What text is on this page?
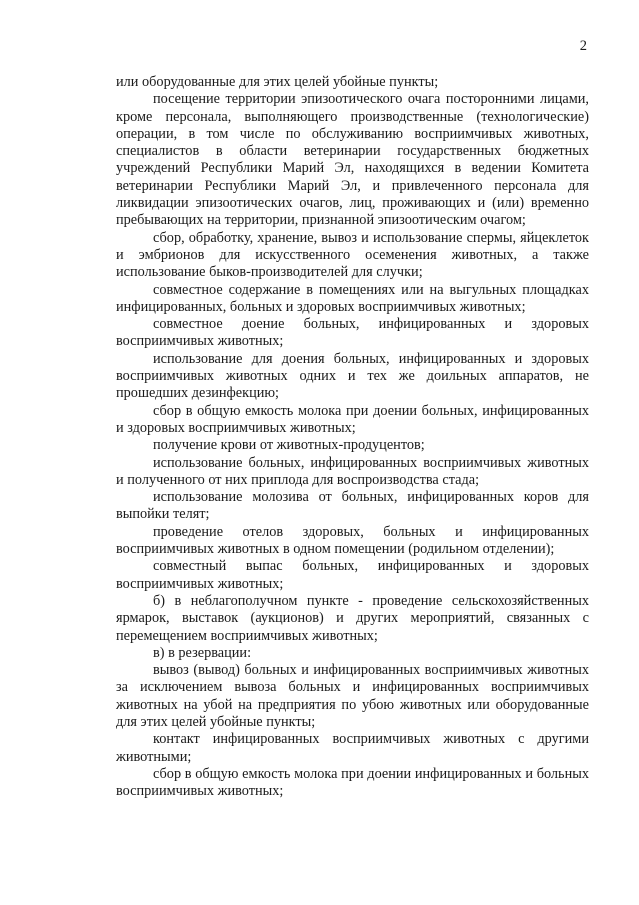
2

или оборудованные для этих целей убойные пункты;

посещение территории эпизоотического очага посторонними лицами, кроме персонала, выполняющего производственные (технологические) операции, в том числе по обслуживанию восприимчивых животных, специалистов в области ветеринарии государственных бюджетных учреждений Республики Марий Эл, находящихся в ведении Комитета ветеринарии Республики Марий Эл, и привлеченного персонала для ликвидации эпизоотических очагов, лиц, проживающих и (или) временно пребывающих на территории, признанной эпизоотическим очагом;

сбор, обработку, хранение, вывоз и использование спермы, яйцеклеток и эмбрионов для искусственного осеменения животных, а также использование быков-производителей для случки;

совместное содержание в помещениях или на выгульных площадках инфицированных, больных и здоровых восприимчивых животных;

совместное доение больных, инфицированных и здоровых восприимчивых животных;

использование для доения больных, инфицированных и здоровых восприимчивых животных одних и тех же доильных аппаратов, не прошедших дезинфекцию;

сбор в общую емкость молока при доении больных, инфицированных и здоровых восприимчивых животных;

получение крови от животных-продуцентов;

использование больных, инфицированных восприимчивых животных и полученного от них приплода для воспроизводства стада;

использование молозива от больных, инфицированных коров для выпойки телят;

проведение отелов здоровых, больных и инфицированных восприимчивых животных в одном помещении (родильном отделении);

совместный выпас больных, инфицированных и здоровых восприимчивых животных;

б) в неблагополучном пункте - проведение сельскохозяйственных ярмарок, выставок (аукционов) и других мероприятий, связанных с перемещением восприимчивых животных;

в) в резервации:

вывоз (вывод) больных и инфицированных восприимчивых животных за исключением вывоза больных и инфицированных восприимчивых животных на убой на предприятия по убою животных или оборудованные для этих целей убойные пункты;

контакт инфицированных восприимчивых животных с другими животными;

сбор в общую емкость молока при доении инфицированных и больных восприимчивых животных;
